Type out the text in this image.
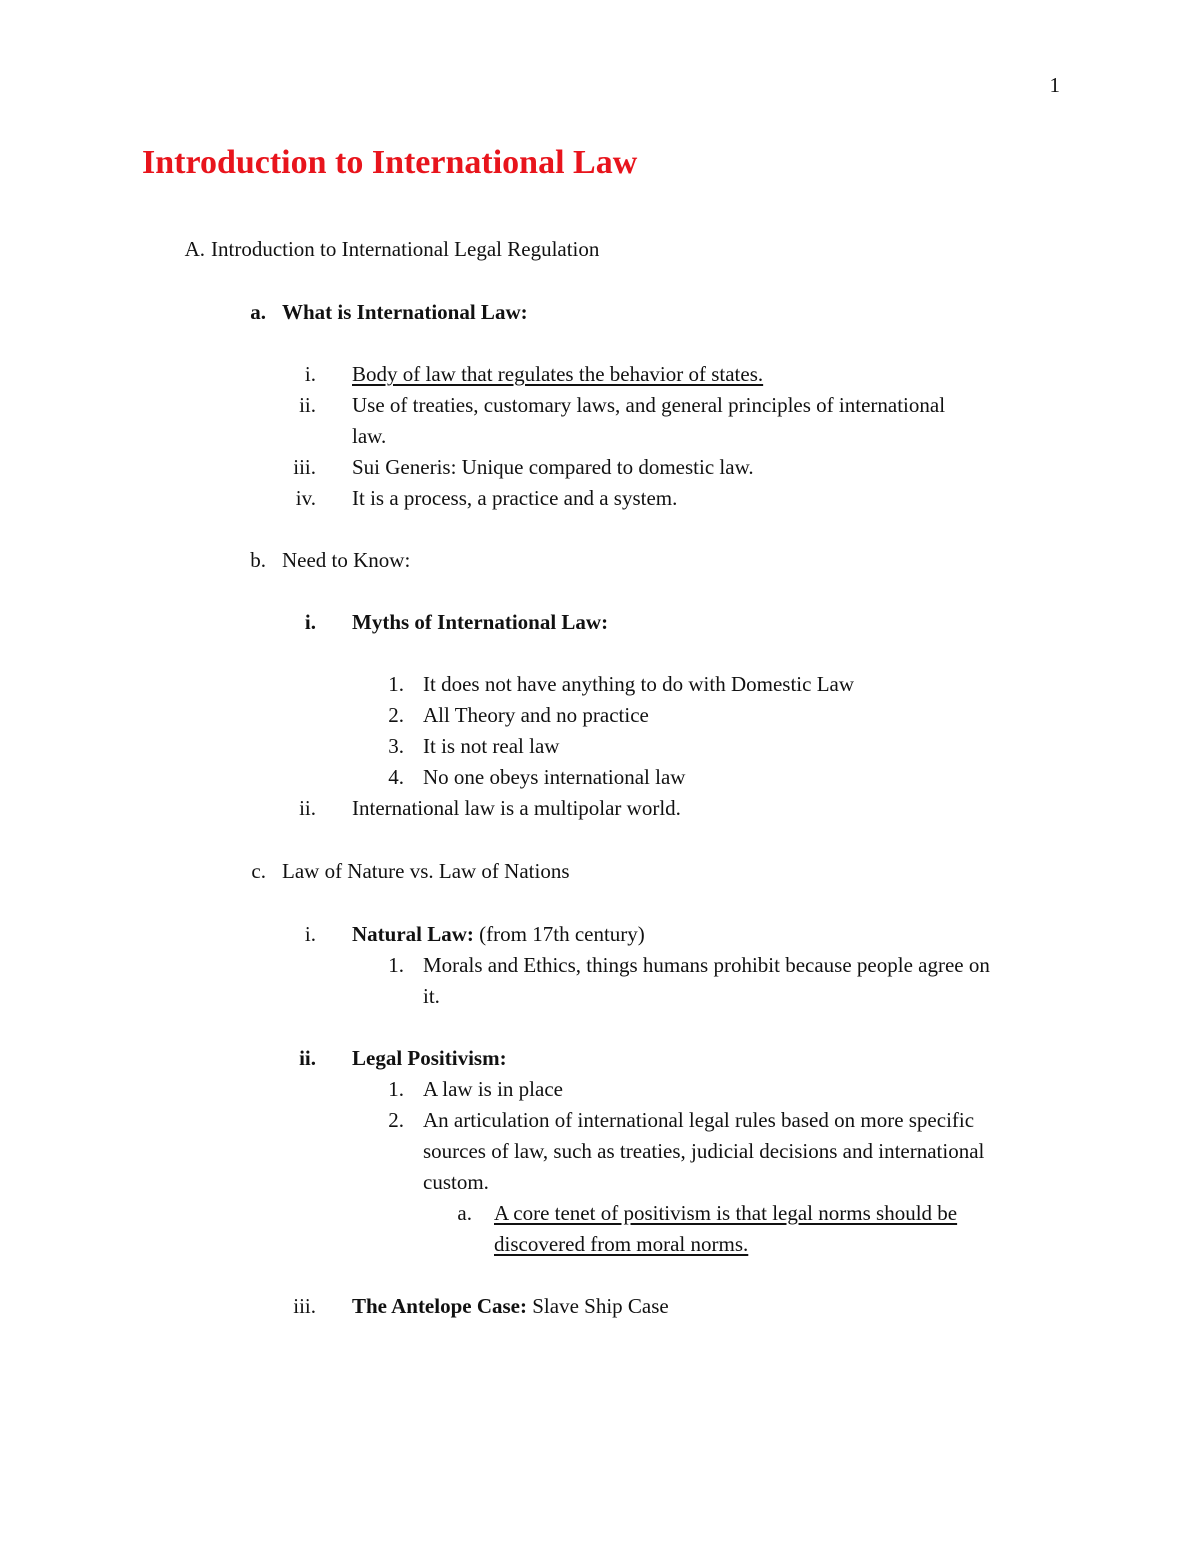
1
Introduction to International Law
A. Introduction to International Legal Regulation
a. What is International Law:
i. Body of law that regulates the behavior of states.
ii. Use of treaties, customary laws, and general principles of international
law.
iii. Sui Generis: Unique compared to domestic law.
iv. It is a process, a practice and a system.
b. Need to Know:
i. Myths of International Law:
1. It does not have anything to do with Domestic Law
2. All Theory and no practice
3. It is not real law
4. No one obeys international law
ii. International law is a multipolar world.
c. Law of Nature vs. Law of Nations
i. Natural Law: (from 17th century)
1. Morals and Ethics, things humans prohibit because people agree on
it.
ii. Legal Positivism:
1. A law is in place
2. An articulation of international legal rules based on more specific
sources of law, such as treaties, judicial decisions and international
custom.
a. A core tenet of positivism is that legal norms should be
discovered from moral norms.
iii. The Antelope Case: Slave Ship Case
